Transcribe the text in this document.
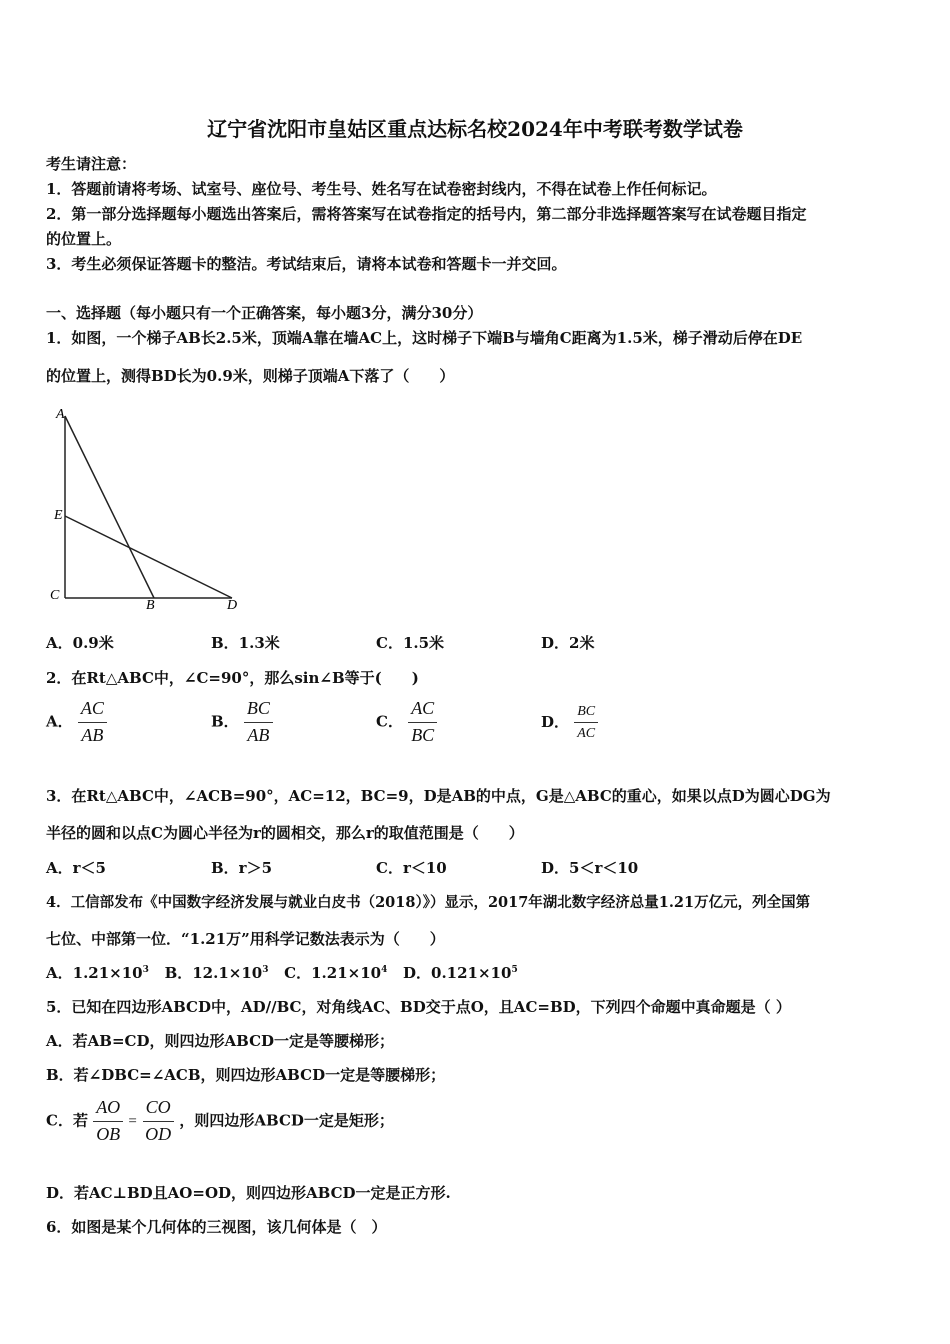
辽宁省沈阳市皇姑区重点达标名校2024年中考联考数学试卷
考生请注意：
1．答题前请将考场、试室号、座位号、考生号、姓名写在试卷密封线内，不得在试卷上作任何标记。
2．第一部分选择题每小题选出答案后，需将答案写在试卷指定的括号内，第二部分非选择题答案写在试卷题目指定
的位置上。
3．考生必须保证答题卡的整洁。考试结束后，请将本试卷和答题卡一并交回。
一、选择题（每小题只有一个正确答案，每小题3分，满分30分）
1．如图，一个梯子AB长2.5米，顶端A靠在墙AC上，这时梯子下端B与墙角C距离为1.5米，梯子滑动后停在DE
的位置上，测得BD长为0.9米，则梯子顶端A下落了（　　）
A
E
C
B	D
A．0.9米	B．1.3米	C．1.5米	D．2米
2．在Rt△ABC中，∠C=90°，那么sin∠B等于(　　)
A． $\frac{AC}{AB}$	B． $\frac{BC}{AB}$	C． $\frac{AC}{BC}$	D． $\frac{BC}{AC}$
3．在Rt△ABC中，∠ACB=90°，AC=12，BC=9，D是AB的中点，G是△ABC的重心，如果以点D为圆心DG为
半径的圆和以点C为圆心半径为r的圆相交，那么r的取值范围是（　　）
A．r＜5	B．r＞5	C．r＜10	D．5＜r＜10
4．工信部发布《中国数字经济发展与就业白皮书（2018）》）显示，2017年湖北数字经济总量1.21万亿元，列全国第
七位、中部第一位．“1.21万”用科学记数法表示为（　　）
A．$1.21\times 10^3$ B．$12.1\times 10^3$ C．$1.21\times 10^4$ D．$0.121\times 10^5$
5．已知在四边形ABCD中，AD//BC，对角线AC、BD交于点O，且AC=BD，下列四个命题中真命题是（ ）
A．若AB=CD，则四边形ABCD一定是等腰梯形；
B．若∠DBC=∠ACB，则四边形ABCD一定是等腰梯形；
C．若 $\frac{AO}{OB} = \frac{CO}{OD}$ ，则四边形ABCD一定是矩形；
D．若AC⊥BD且AO=OD，则四边形ABCD一定是正方形.
6．如图是某个几何体的三视图，该几何体是（　）
